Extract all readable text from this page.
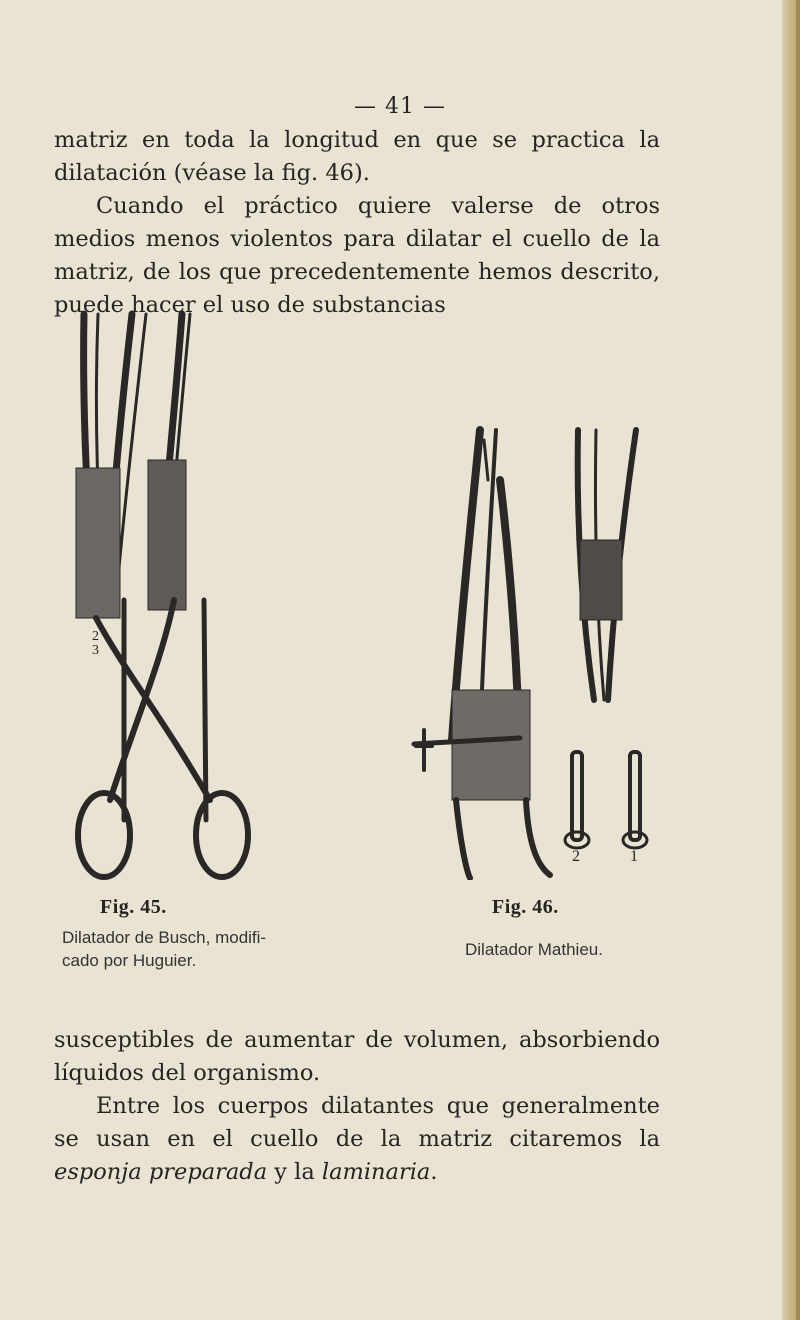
— 41 —

matriz en toda la longitud en que se practica la dilatación (véase la fig. 46).

Cuando el práctico quiere valerse de otros medios menos violentos para dilatar el cuello de la matriz, de los que precedentemente hemos descrito, puede hacer el uso de substancias

2
3
2	1
Fig. 45.
Dilatador de Busch, modifi-
cado por Huguier.
Fig. 46.
Dilatador Mathieu.

susceptibles de aumentar de volumen, absorbiendo líquidos del organismo.

Entre los cuerpos dilatantes que generalmente se usan en el cuello de la matriz citaremos la esponja preparada y la laminaria.
